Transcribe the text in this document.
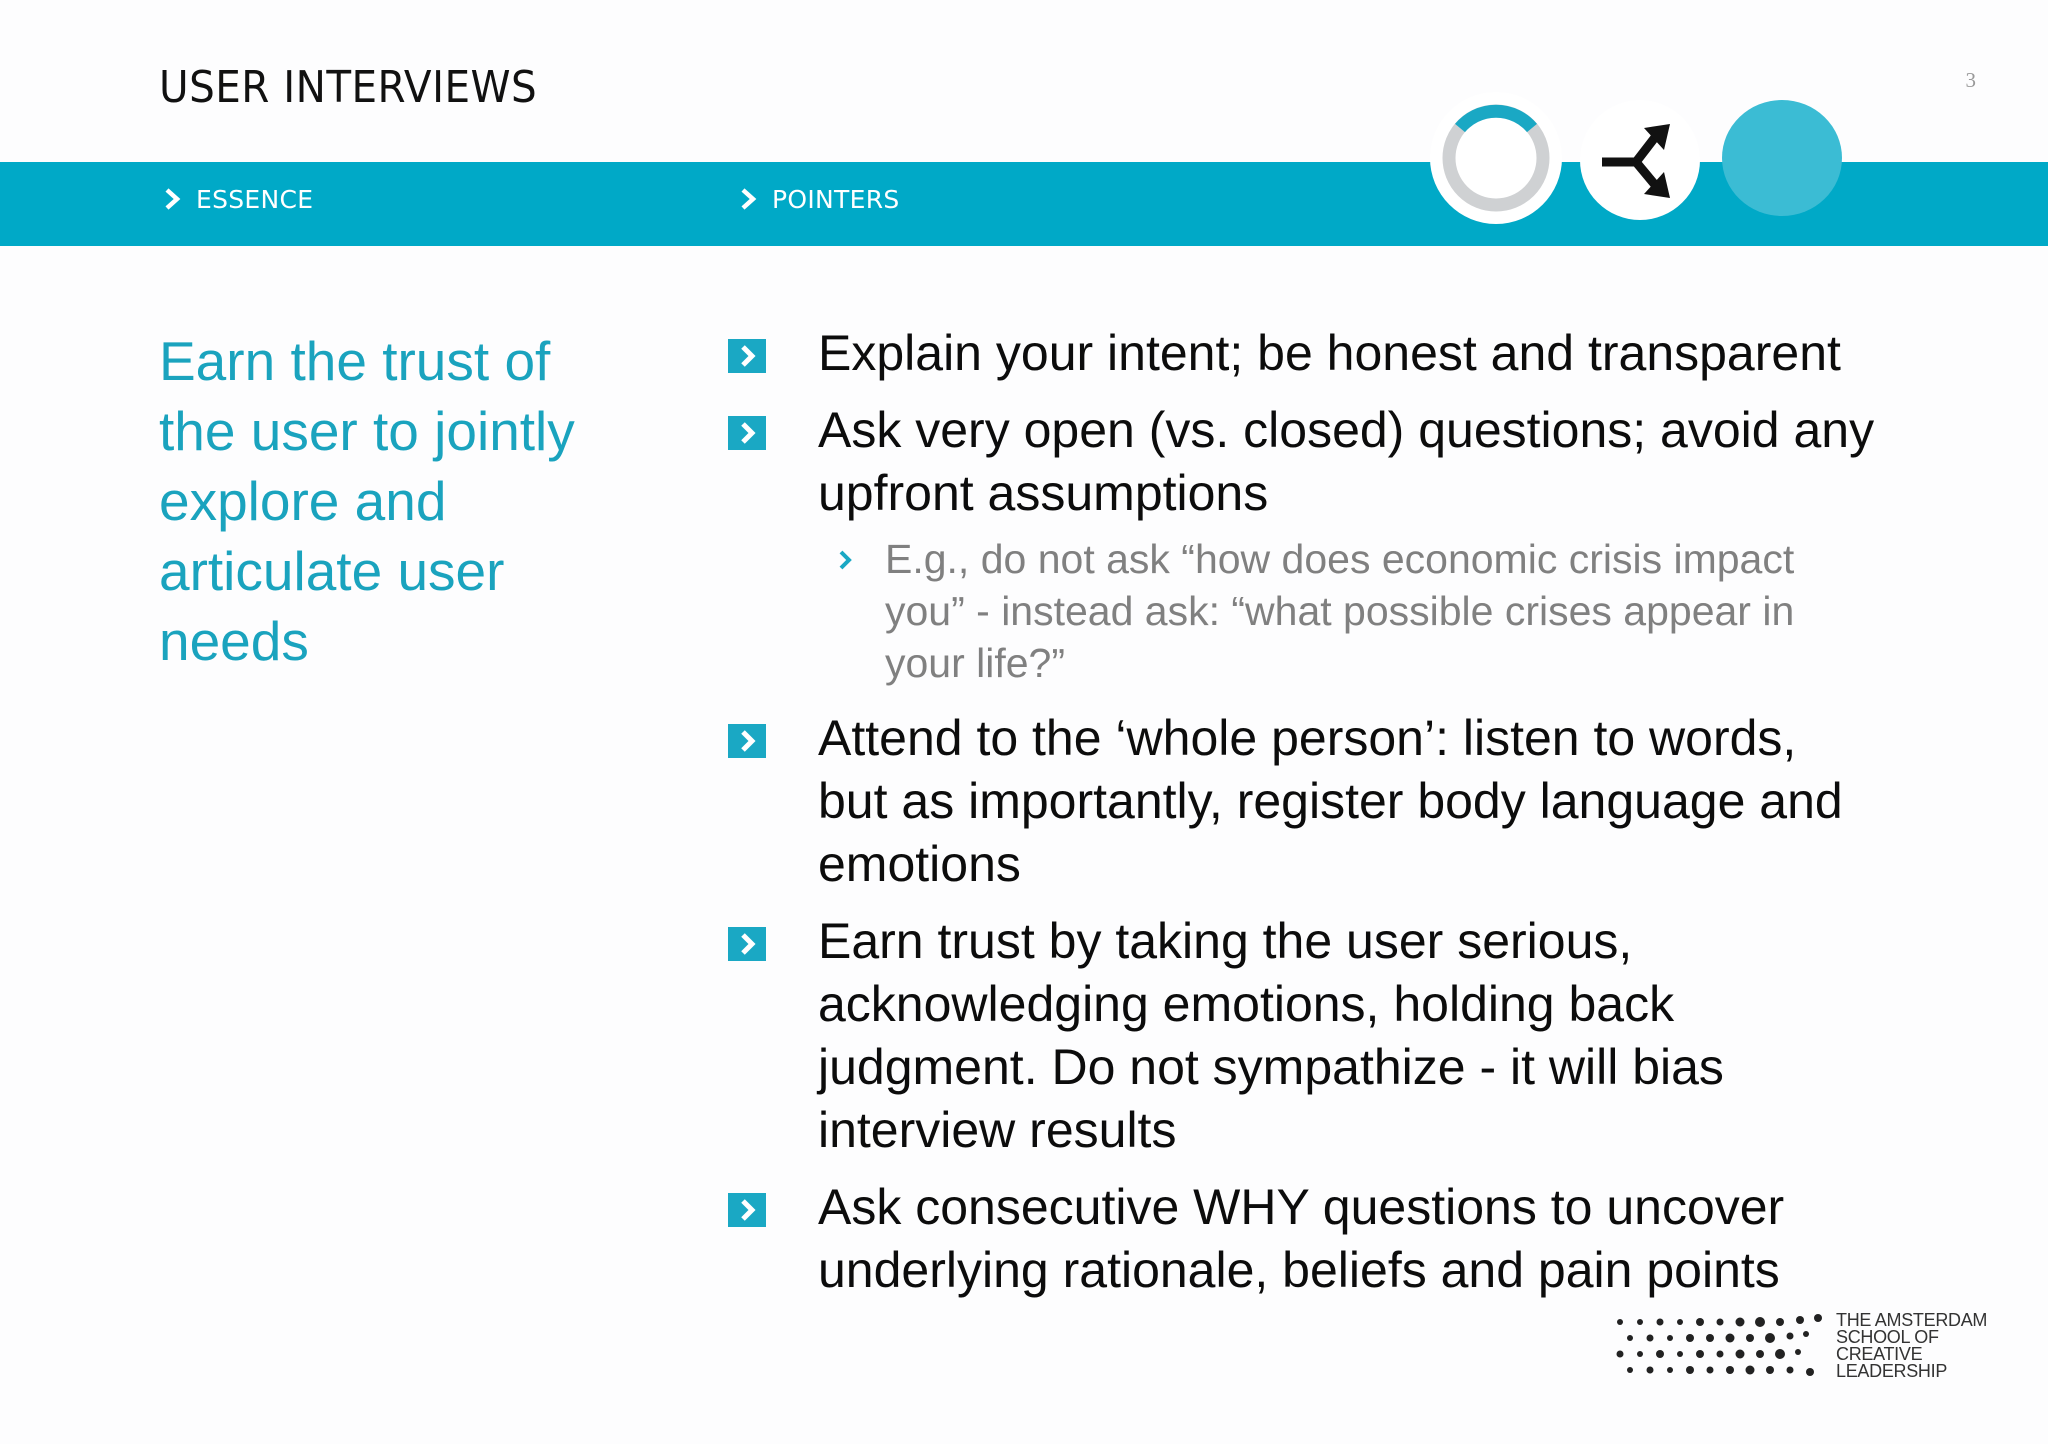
USER INTERVIEWS	3
ESSENCE	POINTERS
Earn the trust of the user to jointly explore and articulate user needs
Explain your intent; be honest and transparent
Ask very open (vs. closed) questions; avoid any upfront assumptions
E.g., do not ask “how does economic crisis impact you” - instead ask: “what possible crises appear in your life?”
Attend to the ‘whole person’: listen to words, but as importantly, register body language and emotions
Earn trust by taking the user serious, acknowledging emotions, holding back judgment. Do not sympathize - it will bias interview results
Ask consecutive WHY questions to uncover underlying rationale, beliefs and pain points
THE AMSTERDAM
SCHOOL OF
CREATIVE
LEADERSHIP
